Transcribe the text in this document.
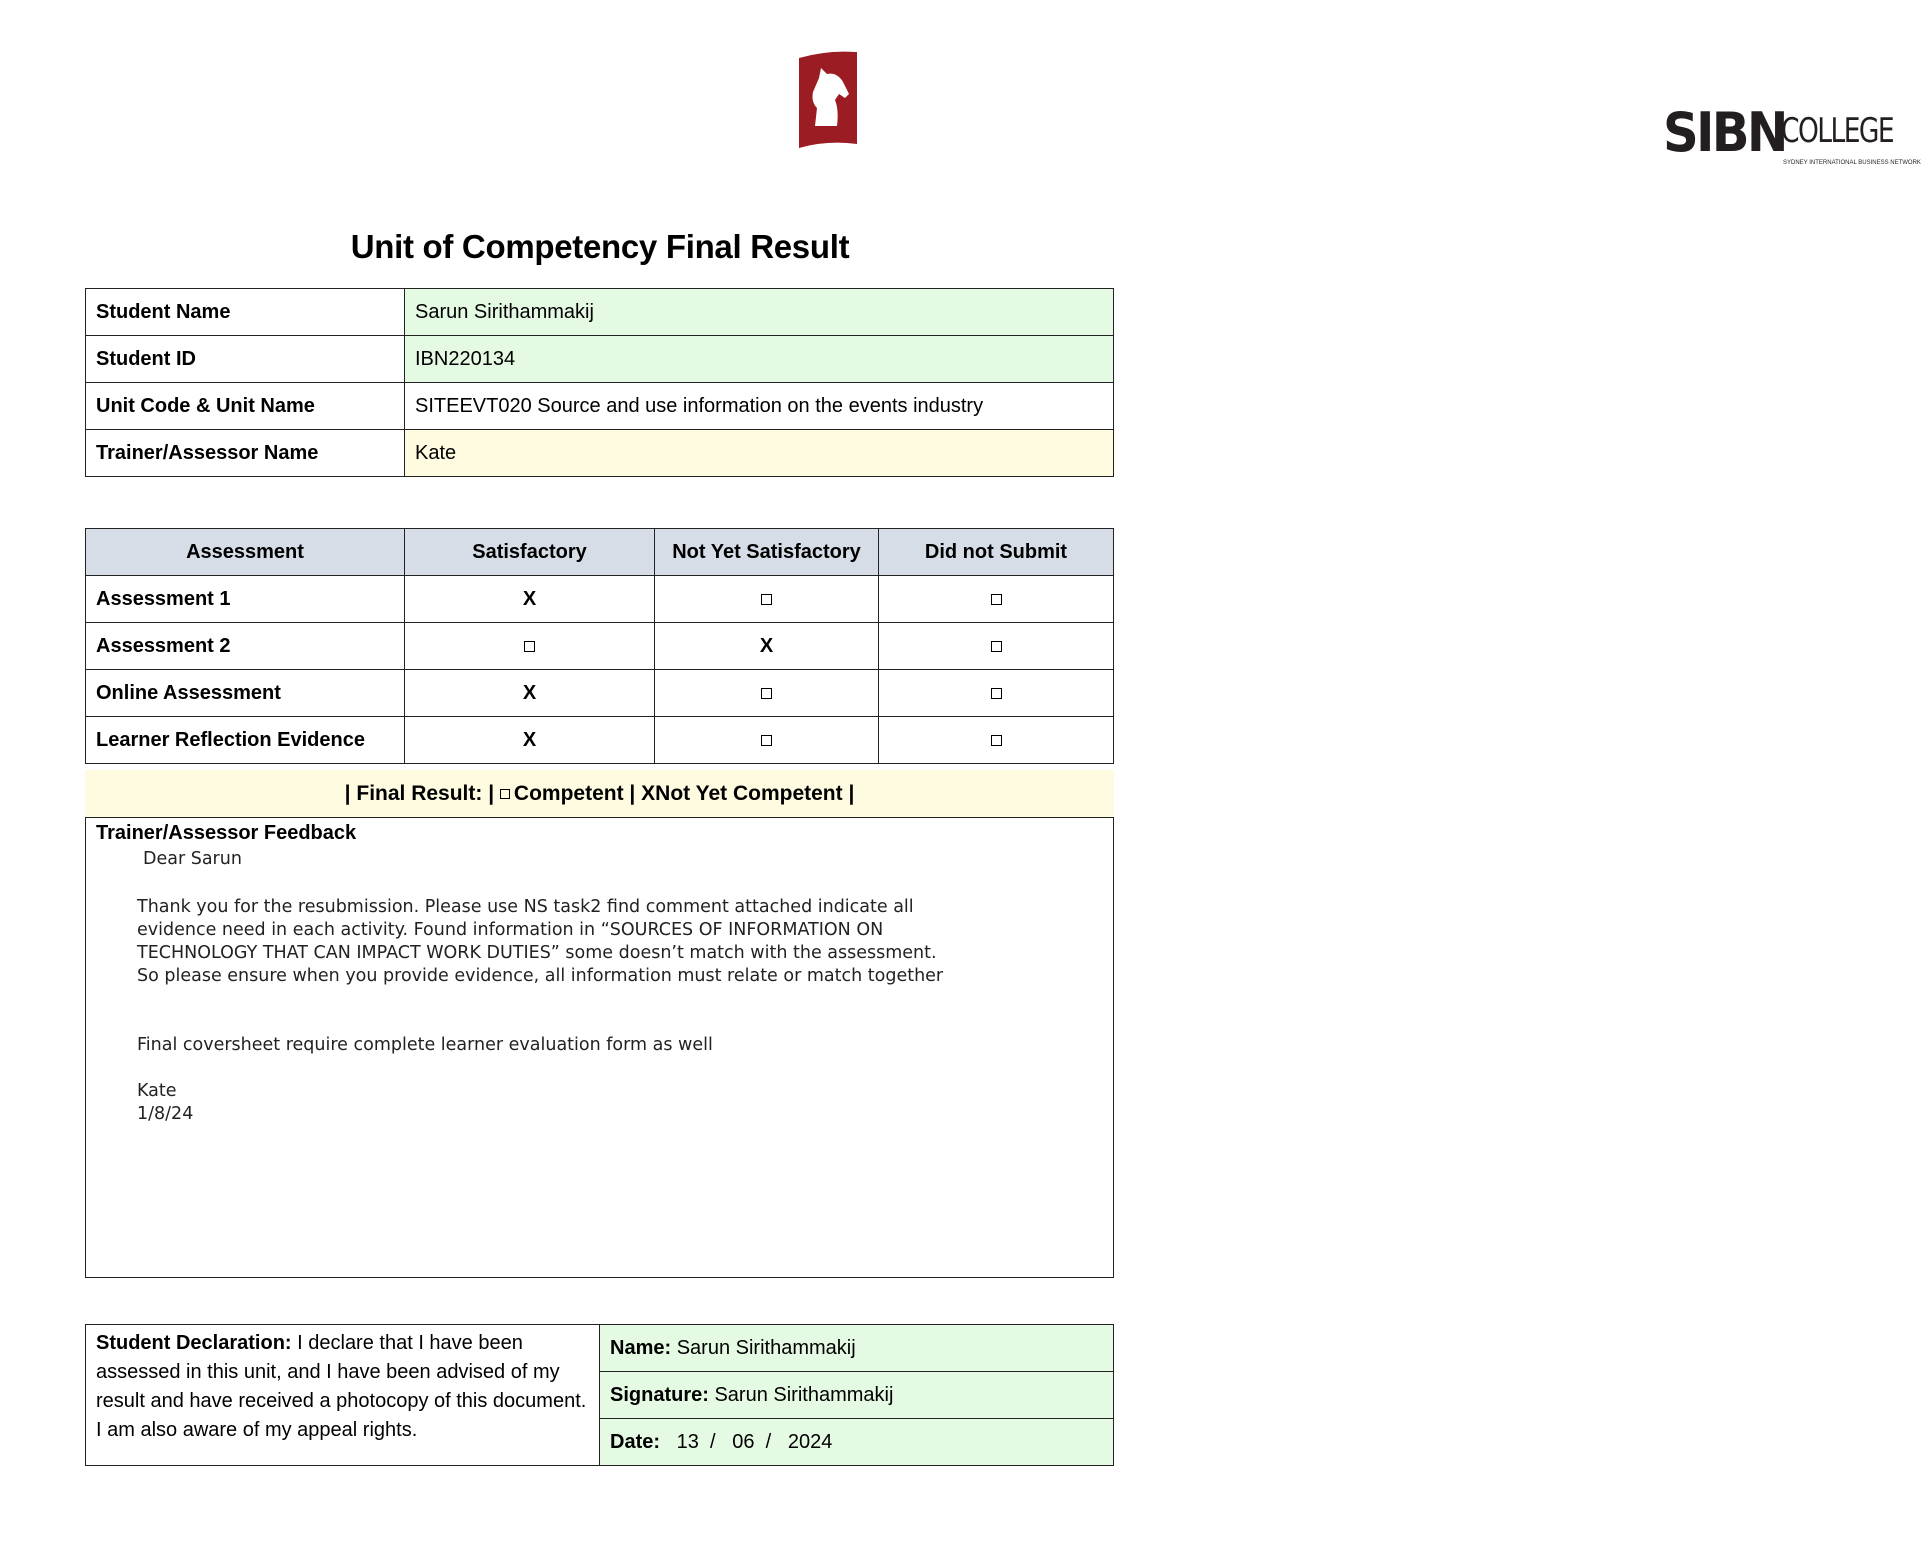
SIBN
COLLEGE
SYDNEY INTERNATIONAL BUSINESS NETWORK
Unit of Competency Final Result
Student Name	Sarun Sirithammakij
Student ID	IBN220134
Unit Code & Unit Name	SITEEVT020 Source and use information on the events industry
Trainer/Assessor Name	Kate
Assessment	Satisfactory	Not Yet Satisfactory	Did not Submit
Assessment 1	X		
Assessment 2		X	
Online Assessment	X		
Learner Reflection Evidence	X		
| Final Result: | Competent | XNot Yet Competent |
Trainer/Assessor Feedback
Dear Sarun
Thank you for the resubmission. Please use NS task2 find comment attached indicate all
evidence need in each activity. Found information in “SOURCES OF INFORMATION ON
TECHNOLOGY THAT CAN IMPACT WORK DUTIES” some doesn’t match with the assessment.
So please ensure when you provide evidence, all information must relate or match together

Final coversheet require complete learner evaluation form as well

Kate
1/8/24
Student Declaration: I declare that I have been assessed in this unit, and I have been advised of my result and have received a photocopy of this document. I am also aware of my appeal rights.	Name: Sarun Sirithammakij
Signature: Sarun Sirithammakij
Date:   13  /   06  /   2024
